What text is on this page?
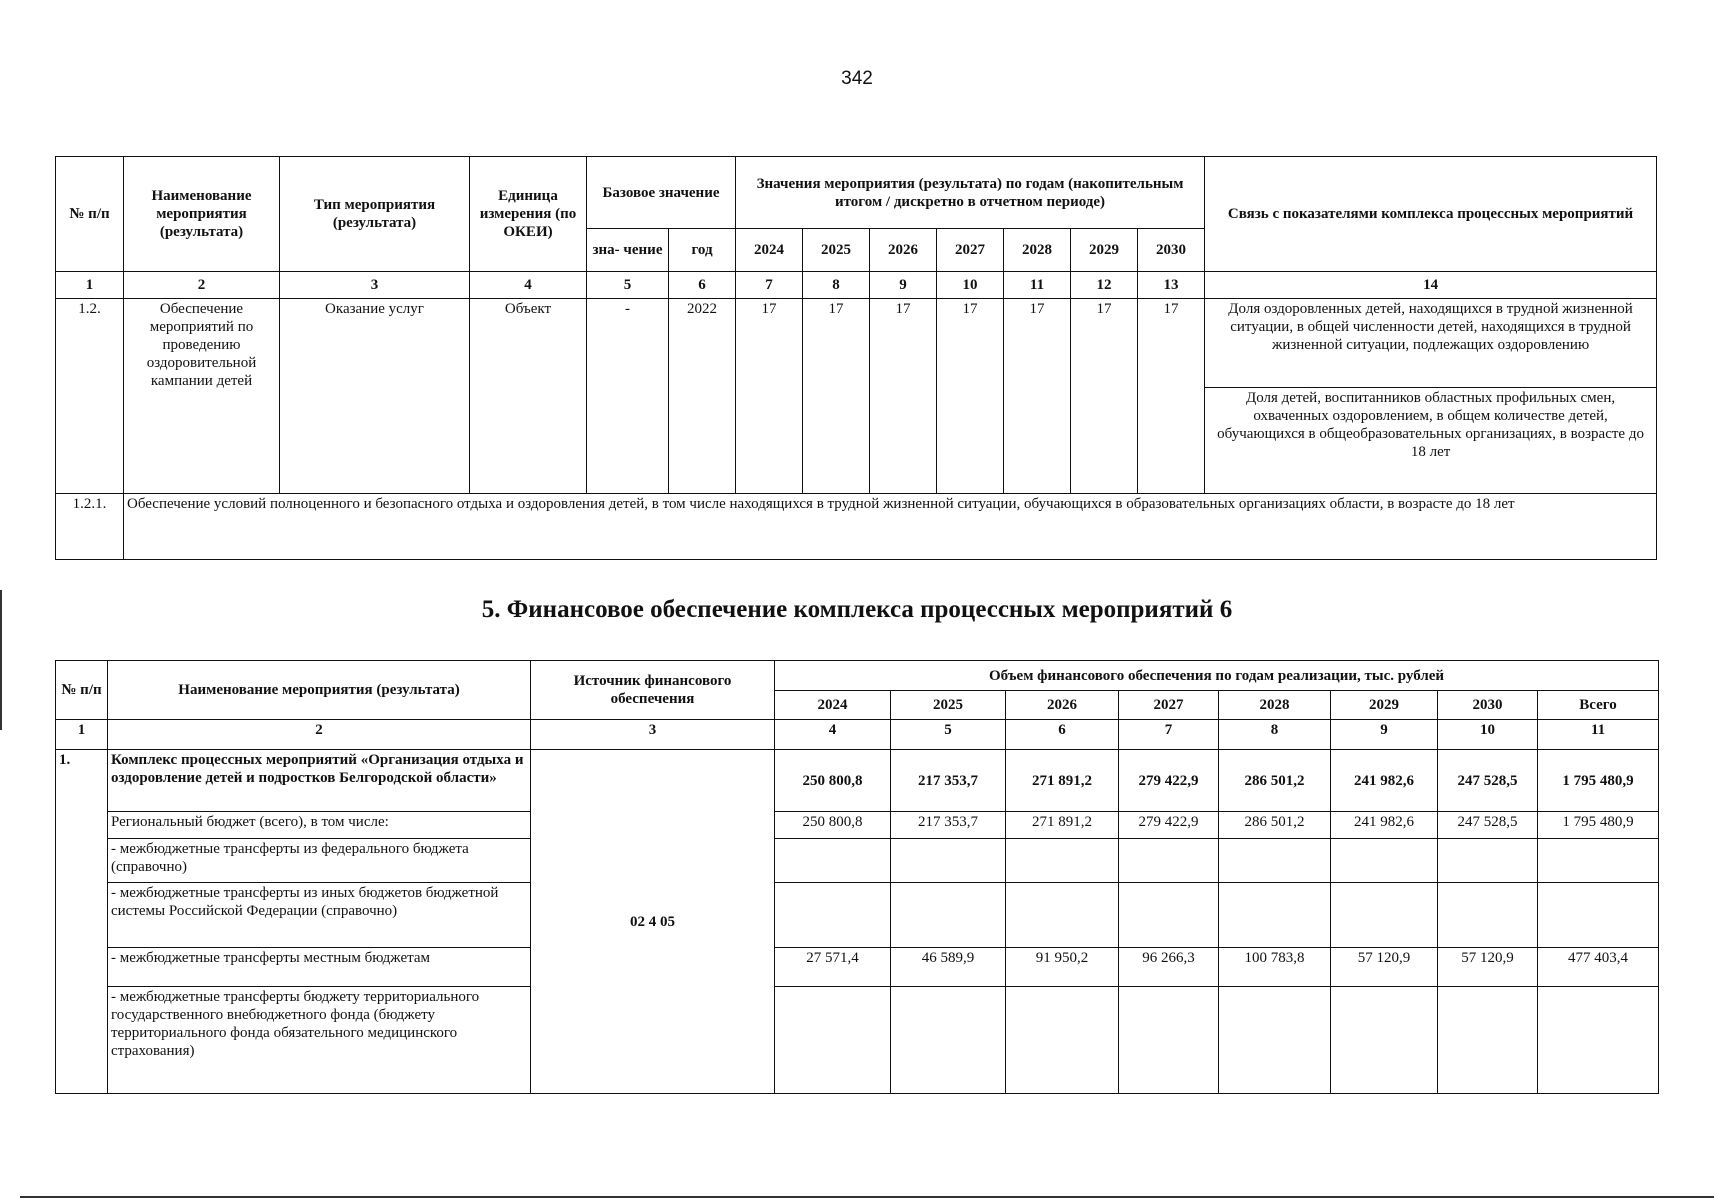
342
№ п/п	Наименование мероприятия (результата)	Тип мероприятия (результата)	Единица измерения (по ОКЕИ)	Базовое значение		Значения мероприятия (результата) по годам (накопительным итогом / дискретно в отчетном периоде)							Связь с показателями комплекса процессных мероприятий
				зна- чение	год	2024	2025	2026	2027	2028	2029	2030	
1	2	3	4	5	6	7	8	9	10	11	12	13	14
1.2.	Обеспечение мероприятий по проведению оздоровительной кампании детей	Оказание услуг	Объект	-	2022	17	17	17	17	17	17	17	Доля оздоровленных детей, находящихся в трудной жизненной ситуации, в общей численности детей, находящихся в трудной жизненной ситуации, подлежащих оздоровлению
													Доля детей, воспитанников областных профильных смен, охваченных оздоровлением, в общем количестве детей, обучающихся в общеобразовательных организациях, в возрасте до 18 лет
1.2.1.	Обеспечение условий полноценного и безопасного отдыха и оздоровления детей, в том числе находящихся в трудной жизненной ситуации, обучающихся в образовательных организациях области, в возрасте до 18 лет												
5. Финансовое обеспечение комплекса процессных мероприятий 6
№ п/п	Наименование мероприятия (результата)	Источник финансового обеспечения	Объем финансового обеспечения по годам реализации, тыс. рублей							
			2024	2025	2026	2027	2028	2029	2030	Всего
1	2	3	4	5	6	7	8	9	10	11
1.	Комплекс процессных мероприятий «Организация отдыха и оздоровление детей и подростков Белгородской области»	02 4 05	250 800,8	217 353,7	271 891,2	279 422,9	286 501,2	241 982,6	247 528,5	1 795 480,9
	Региональный бюджет (всего), в том числе:		250 800,8	217 353,7	271 891,2	279 422,9	286 501,2	241 982,6	247 528,5	1 795 480,9
	- межбюджетные трансферты из федерального бюджета (справочно)									
	- межбюджетные трансферты из иных бюджетов бюджетной системы Российской Федерации (справочно)									
	- межбюджетные трансферты местным бюджетам		27 571,4	46 589,9	91 950,2	96 266,3	100 783,8	57 120,9	57 120,9	477 403,4
	- межбюджетные трансферты бюджету территориального государственного внебюджетного фонда (бюджету территориального фонда обязательного медицинского страхования)									
